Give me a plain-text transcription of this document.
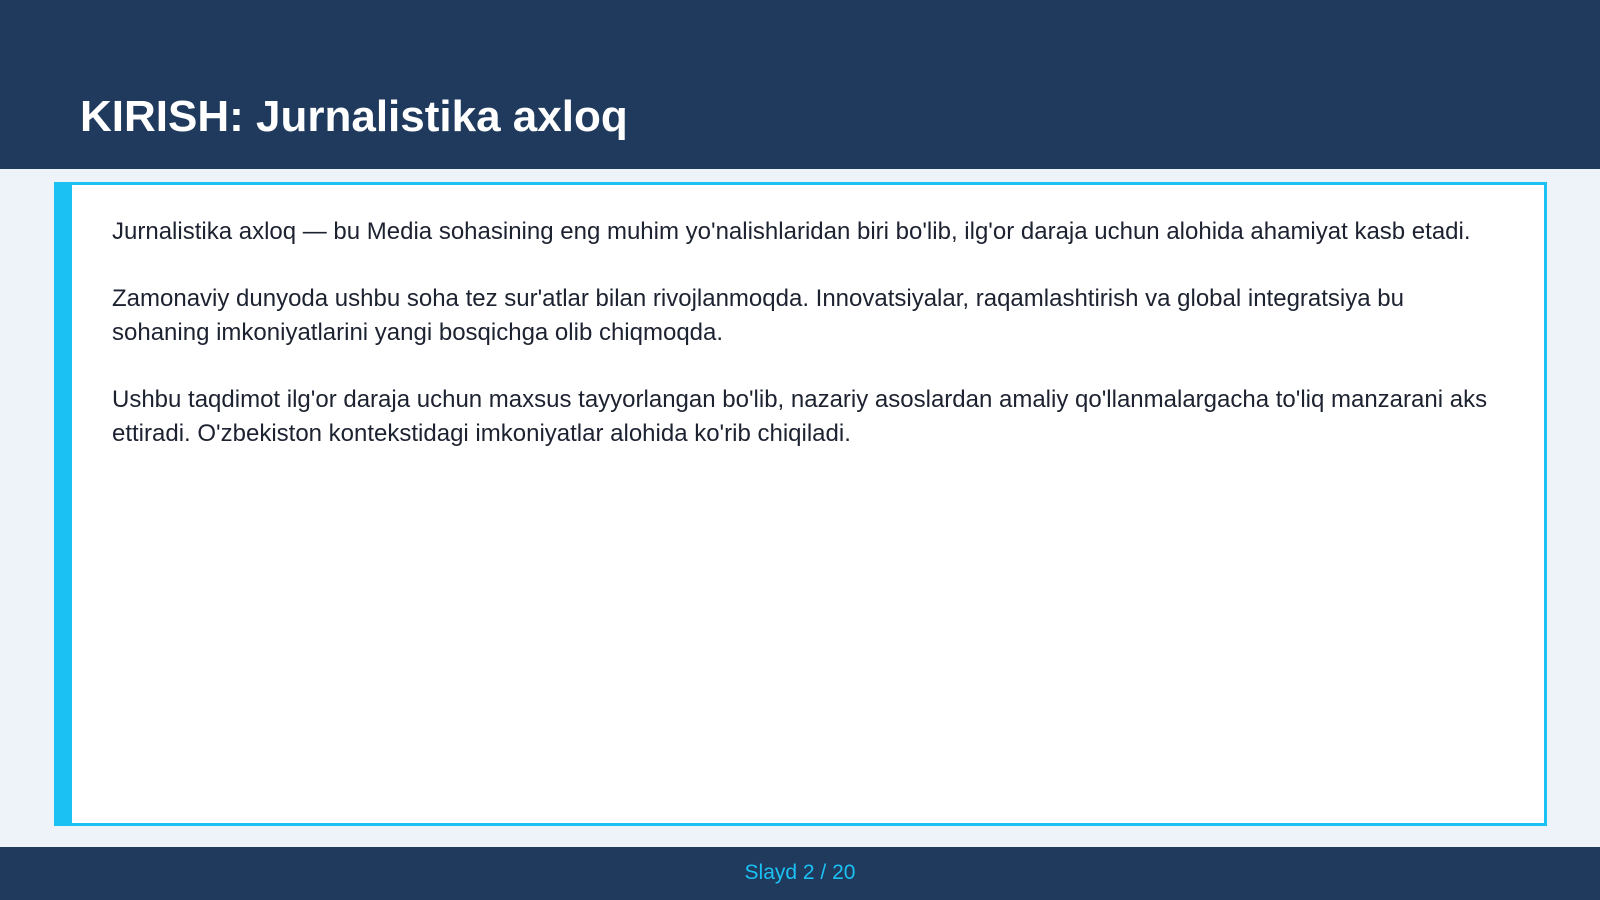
KIRISH: Jurnalistika axloq

Jurnalistika axloq — bu Media sohasining eng muhim yo'nalishlaridan biri bo'lib, ilg'or daraja uchun alohida ahamiyat kasb etadi.

Zamonaviy dunyoda ushbu soha tez sur'atlar bilan rivojlanmoqda. Innovatsiyalar, raqamlashtirish va global integratsiya bu sohaning imkoniyatlarini yangi bosqichga olib chiqmoqda.

Ushbu taqdimot ilg'or daraja uchun maxsus tayyorlangan bo'lib, nazariy asoslardan amaliy qo'llanmalargacha to'liq manzarani aks ettiradi. O'zbekiston kontekstidagi imkoniyatlar alohida ko'rib chiqiladi.

Slayd 2 / 20
